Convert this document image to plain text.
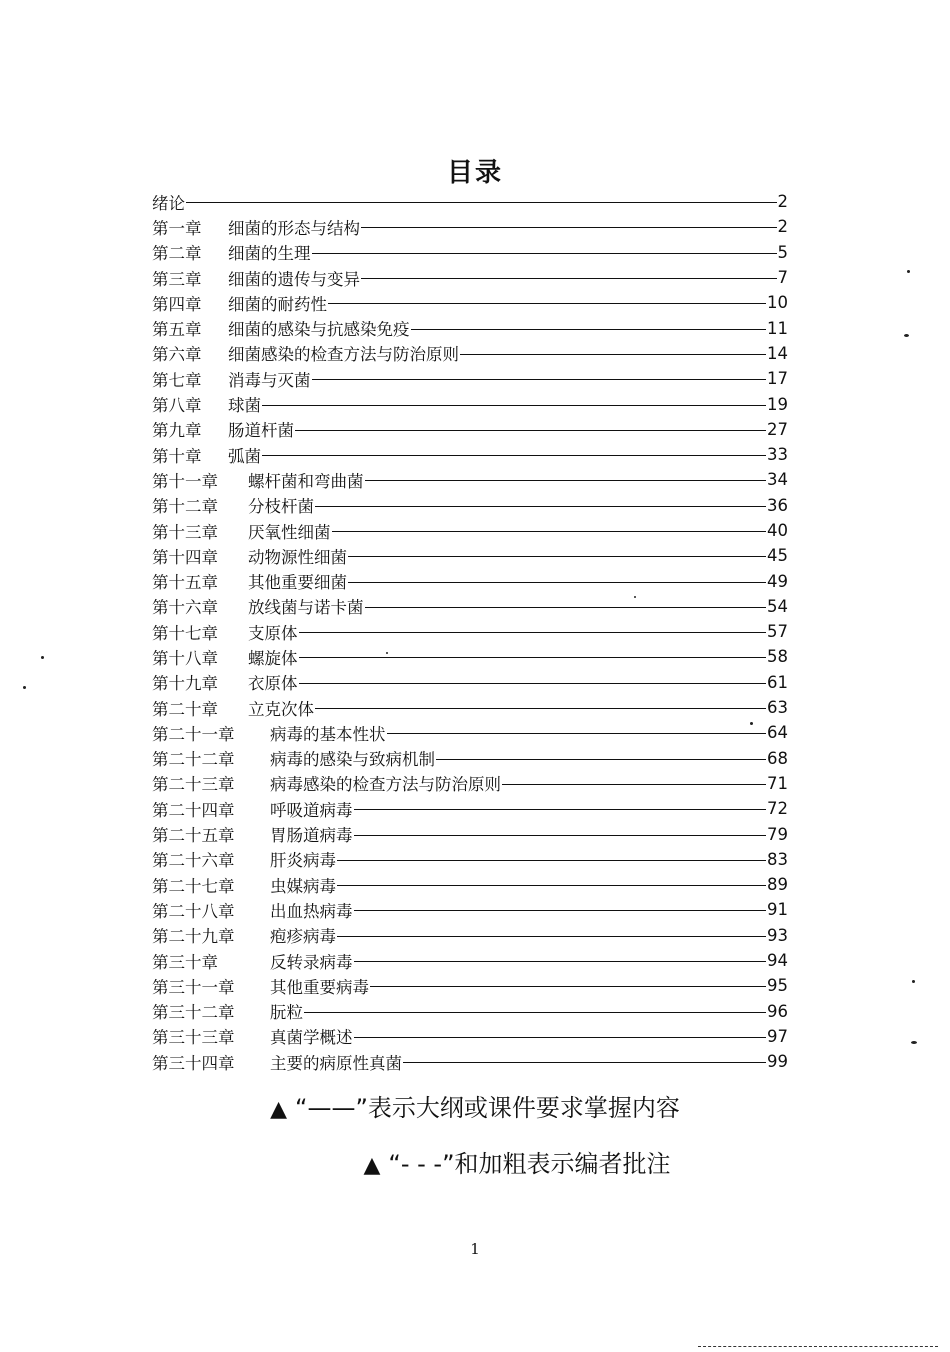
目录
绪论	2
第一章	细菌的形态与结构	2
第二章	细菌的生理	5
第三章	细菌的遗传与变异	7
第四章	细菌的耐药性	10
第五章	细菌的感染与抗感染免疫	11
第六章	细菌感染的检查方法与防治原则	14
第七章	消毒与灭菌	17
第八章	球菌	19
第九章	肠道杆菌	27
第十章	弧菌	33
第十一章	螺杆菌和弯曲菌	34
第十二章	分枝杆菌	36
第十三章	厌氧性细菌	40
第十四章	动物源性细菌	45
第十五章	其他重要细菌	49
第十六章	放线菌与诺卡菌	54
第十七章	支原体	57
第十八章	螺旋体	58
第十九章	衣原体	61
第二十章	立克次体	63
第二十一章	病毒的基本性状	64
第二十二章	病毒的感染与致病机制	68
第二十三章	病毒感染的检查方法与防治原则	71
第二十四章	呼吸道病毒	72
第二十五章	胃肠道病毒	79
第二十六章	肝炎病毒	83
第二十七章	虫媒病毒	89
第二十八章	出血热病毒	91
第二十九章	疱疹病毒	93
第三十章	反转录病毒	94
第三十一章	其他重要病毒	95
第三十二章	朊粒	96
第三十三章	真菌学概述	97
第三十四章	主要的病原性真菌	99
▲ “——”表示大纲或课件要求掌握内容
▲ “- - -”和加粗表示编者批注
1
